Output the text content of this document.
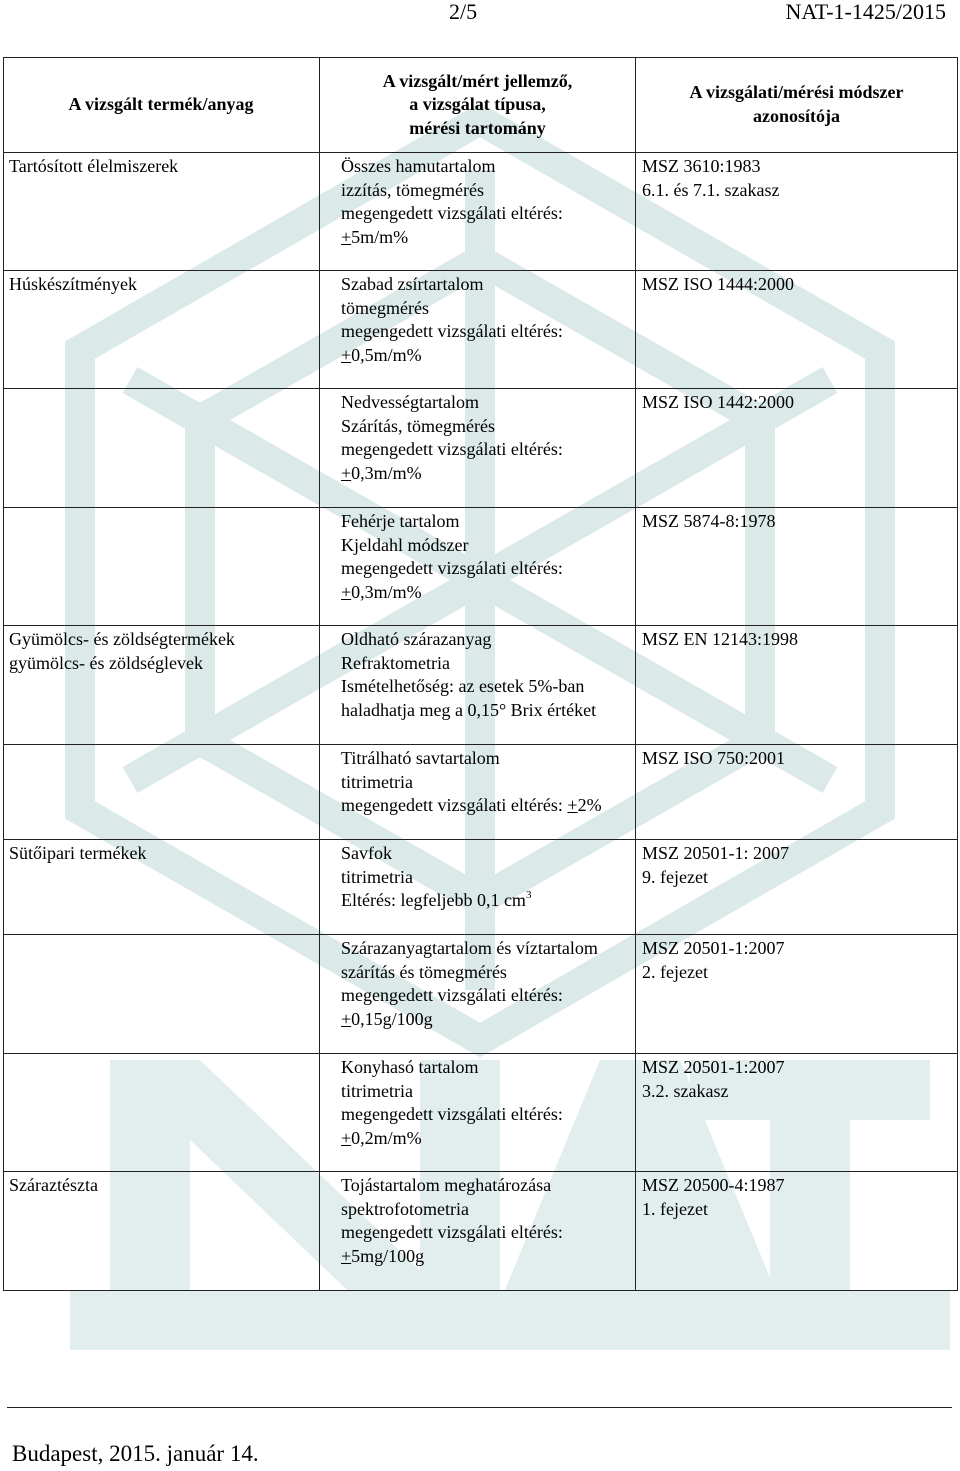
2/5	NAT-1-1425/2015
A vizsgált termék/anyag	A vizsgált/mért jellemző,
a vizsgálat típusa,
mérési tartomány	A vizsgálati/mérési módszer
azonosítója

Tartósított élelmiszerek	Összes hamutartalom
izzítás, tömegmérés
megengedett vizsgálati eltérés:
+5m/m%	MSZ 3610:1983
6.1. és 7.1. szakasz

Húskészítmények	Szabad zsírtartalom
tömegmérés
megengedett vizsgálati eltérés:
+0,5m/m%	MSZ ISO 1444:2000

	Nedvességtartalom
Szárítás, tömegmérés
megengedett vizsgálati eltérés:
+0,3m/m%	MSZ ISO 1442:2000

	Fehérje tartalom
Kjeldahl módszer
megengedett vizsgálati eltérés:
+0,3m/m%	MSZ 5874-8:1978

Gyümölcs- és zöldségtermékek
gyümölcs- és zöldséglevek	Oldható szárazanyag
Refraktometria
Ismételhetőség: az esetek 5%-ban
haladhatja meg a 0,15° Brix értéket	MSZ EN 12143:1998

	Titrálható savtartalom
titrimetria
megengedett vizsgálati eltérés: +2%	MSZ ISO 750:2001

Sütőipari termékek	Savfok
titrimetria
Eltérés: legfeljebb 0,1 $cm^3$	MSZ 20501-1: 2007
9. fejezet

	Szárazanyagtartalom és víztartalom
szárítás és tömegmérés
megengedett vizsgálati eltérés:
+0,15g/100g	MSZ 20501-1:2007
2. fejezet

	Konyhasó tartalom
titrimetria
megengedett vizsgálati eltérés:
+0,2m/m%	MSZ 20501-1:2007
3.2. szakasz

Száraztészta	Tojástartalom meghatározása
spektrofotometria
megengedett vizsgálati eltérés:
+5mg/100g	MSZ 20500-4:1987
1. fejezet
Budapest, 2015. január 14.
